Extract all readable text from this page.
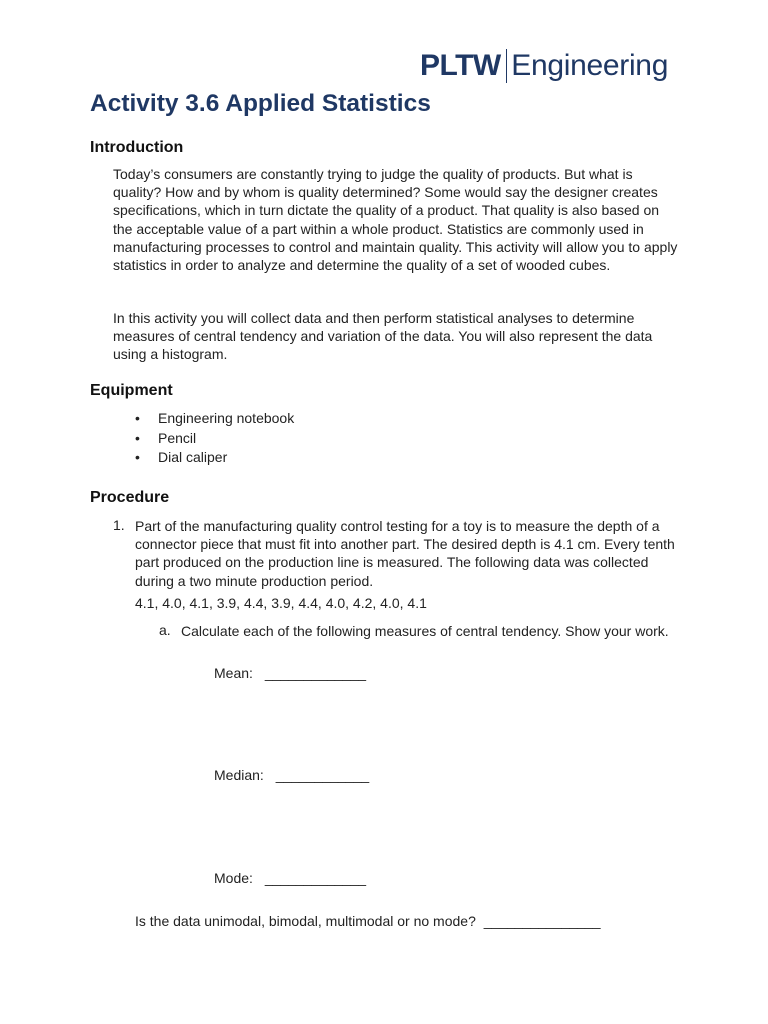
PLTW Engineering
Activity 3.6 Applied Statistics
Introduction

Today’s consumers are constantly trying to judge the quality of products. But what is quality? How and by whom is quality determined? Some would say the designer creates specifications, which in turn dictate the quality of a product. That quality is also based on the acceptable value of a part within a whole product. Statistics are commonly used in manufacturing processes to control and maintain quality. This activity will allow you to apply statistics in order to analyze and determine the quality of a set of wooded cubes.

In this activity you will collect data and then perform statistical analyses to determine measures of central tendency and variation of the data. You will also represent the data using a histogram.

Equipment
• Engineering notebook
• Pencil
• Dial caliper
Procedure
1. Part of the manufacturing quality control testing for a toy is to measure the depth of a connector piece that must fit into another part. The desired depth is 4.1 cm. Every tenth part produced on the production line is measured. The following data was collected during a two minute production period.

4.1, 4.0, 4.1, 3.9, 4.4, 3.9, 4.4, 4.0, 4.2, 4.0, 4.1
a. Calculate each of the following measures of central tendency. Show your work.

Mean: _____________
Median: ____________
Mode: _____________
Is the data unimodal, bimodal, multimodal or no mode? _______________
